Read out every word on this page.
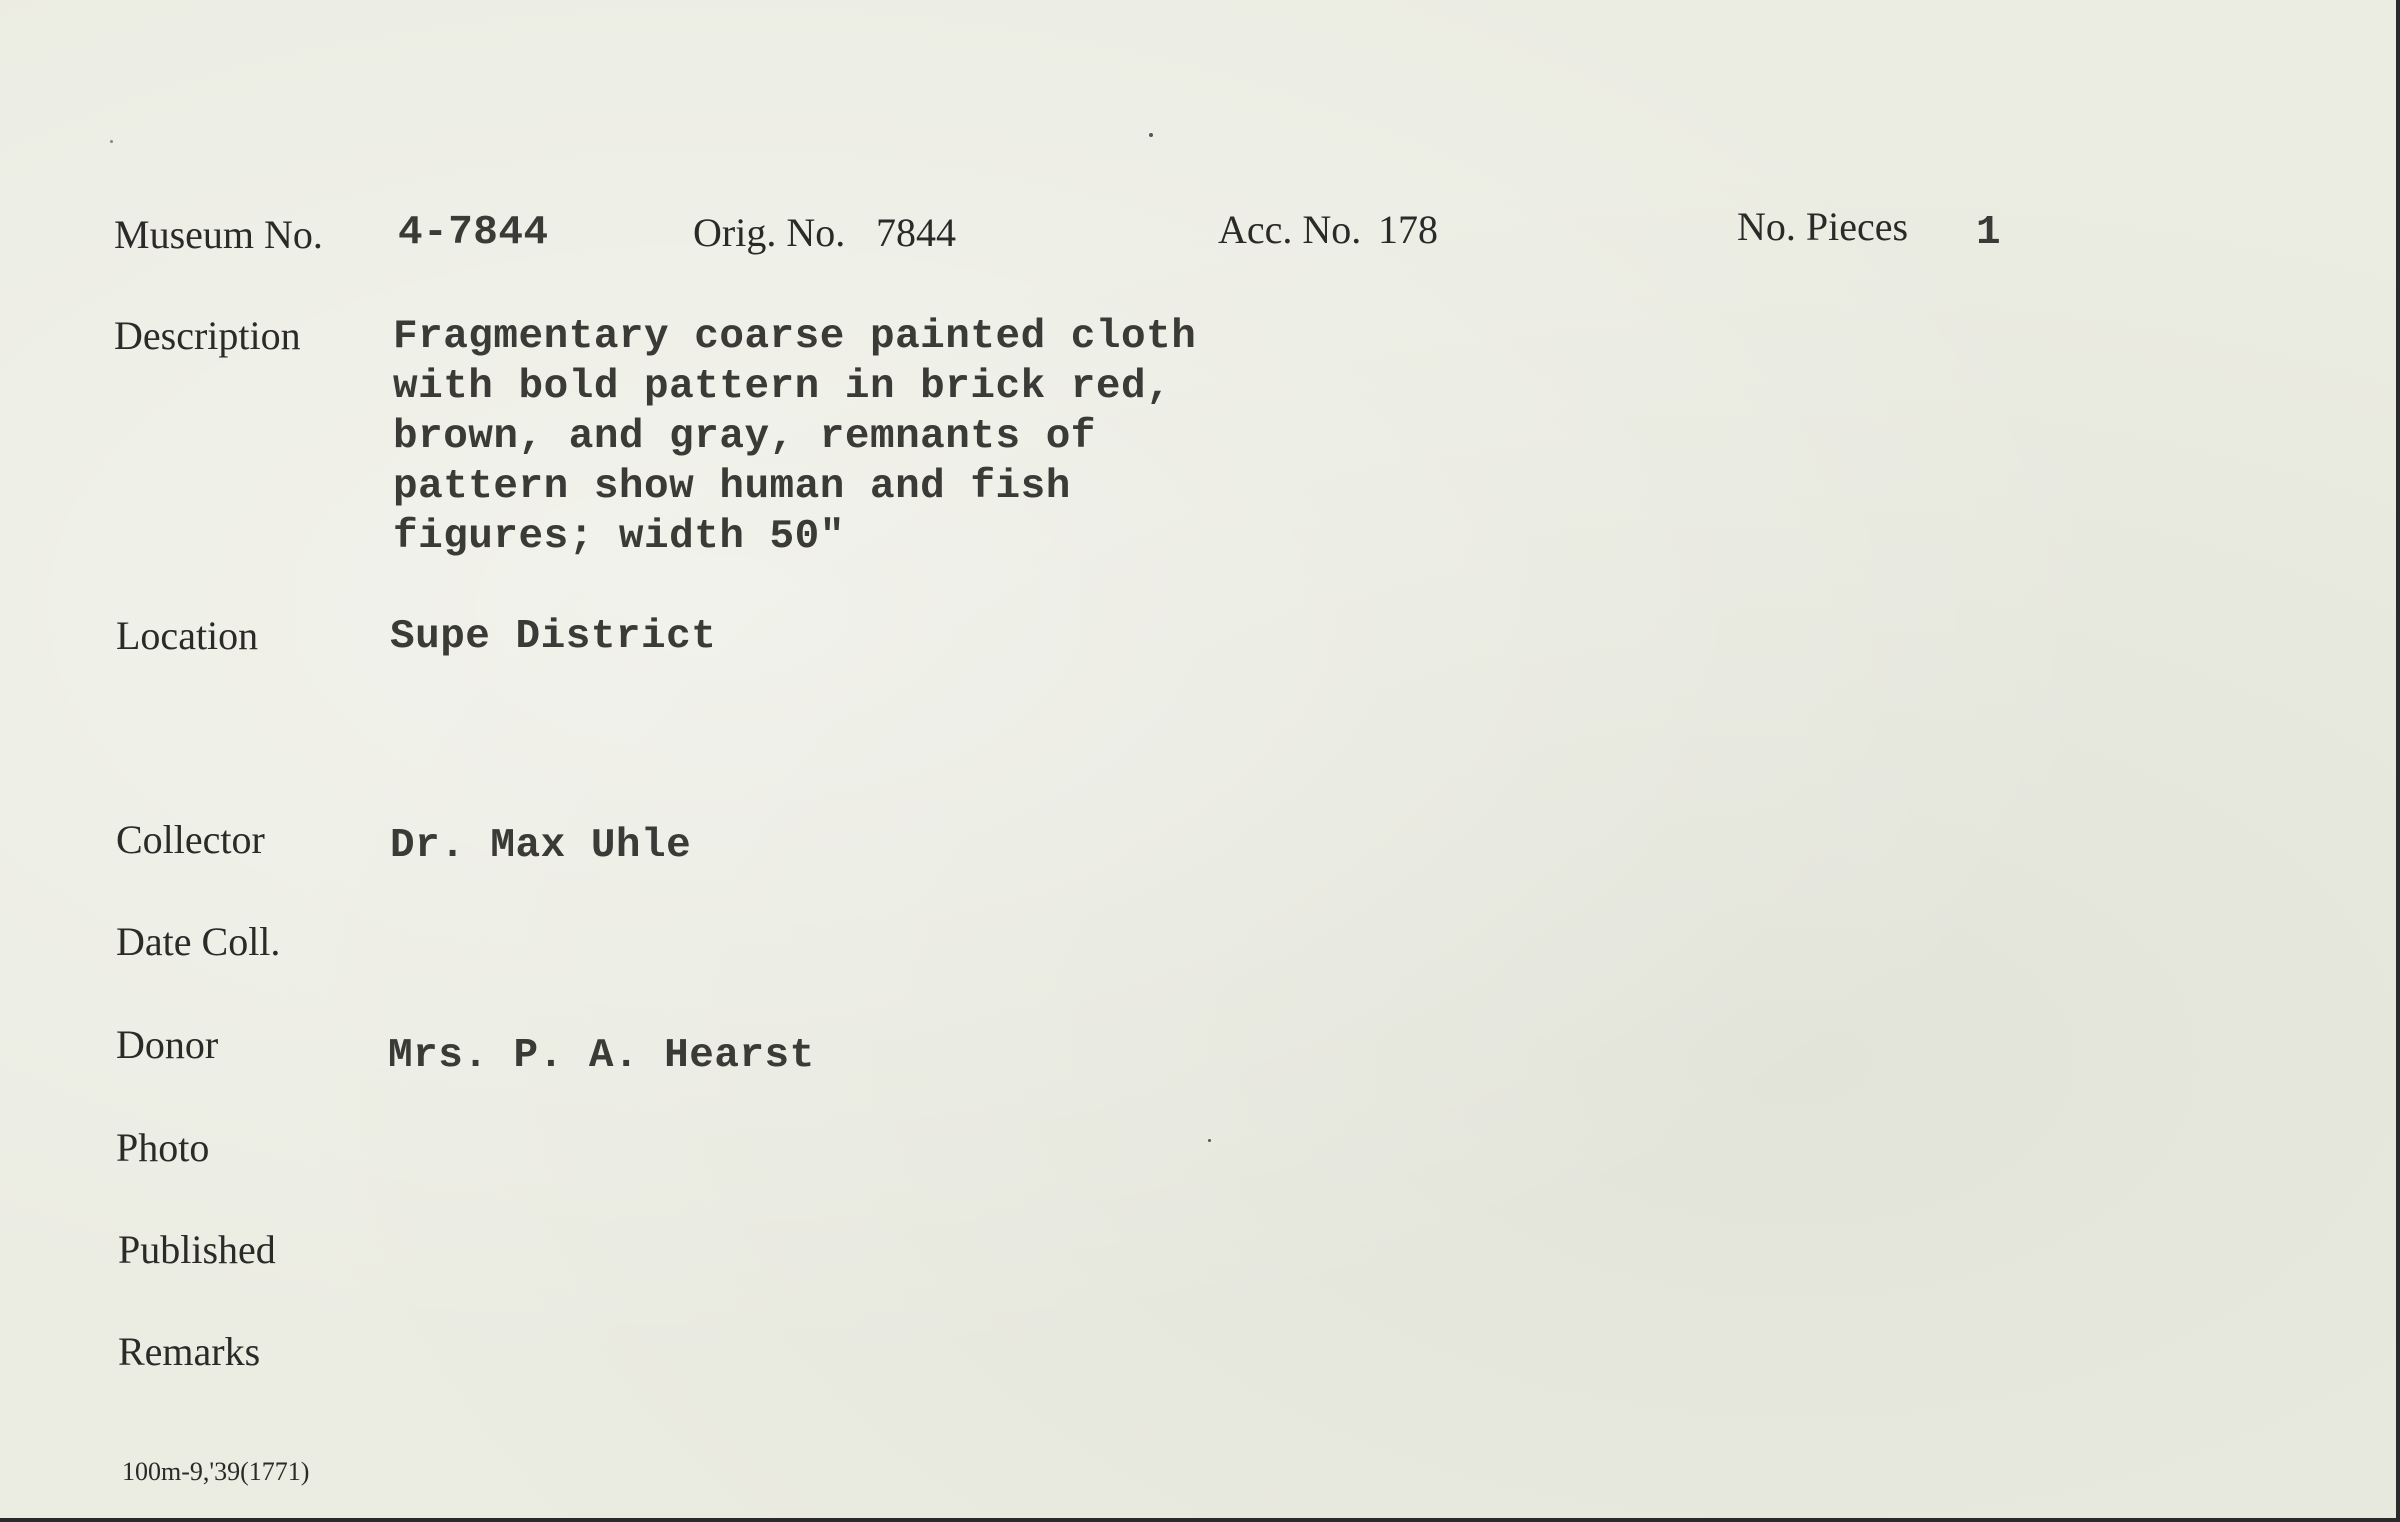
Museum No. 4-7844	Orig. No. 7844	Acc. No. 178	No. Pieces 1
Description Fragmentary coarse painted cloth
with bold pattern in brick red,
brown, and gray, remnants of
pattern show human and fish
figures; width 50"
Location	Supe District
Collector	Dr. Max Uhle
Date Coll.
Donor	Mrs. P. A. Hearst
Photo
Published
Remarks
100m-9,'39(1771)
